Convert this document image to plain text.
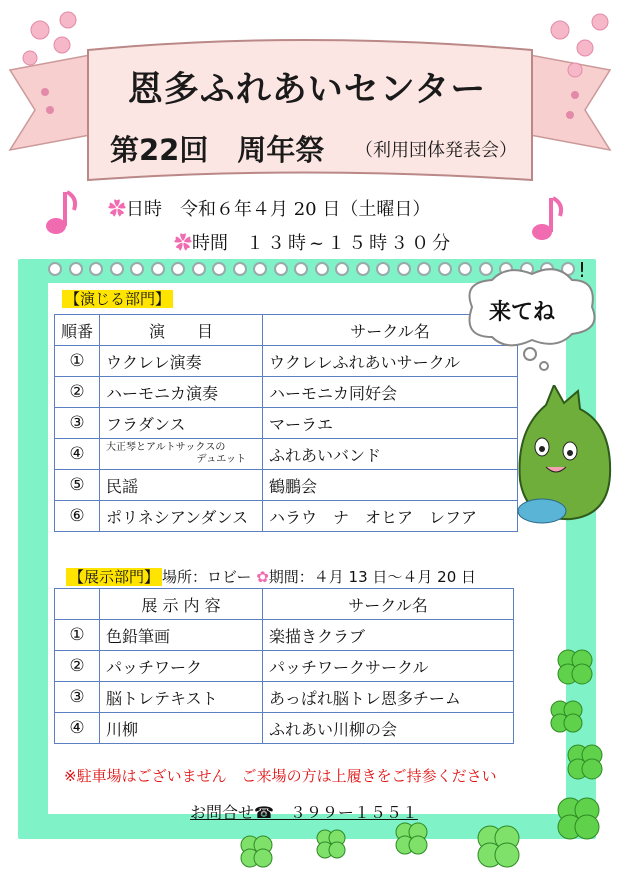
恩多ふれあいセンター
第22回　周年祭 （利用団体発表会）
✿日時　 令和６年４月 20 日（土曜日）
✿時間　 １３時~１５時３０分
【演じる部門】
順番	演　　目	サークル名
①	ウクレレ演奏	ウクレレふれあいサークル
②	ハーモニカ演奏	ハーモニカ同好会
③	フラダンス	マーラエ
④	大正琴とアルトサックスの
デュエット	ふれあいバンド
⑤	民謡	鶴鵬会
⑥	ポリネシアンダンス	ハラウ　ナ　オヒア　レフア
来てね
!
【展示部門】 場所：ロビー ✿期間：４月 13 日～４月 20 日
	展 示 内 容	サークル名
①	色鉛筆画	楽描きクラブ
②	パッチワーク	パッチワークサークル
③	脳トレテキスト	あっぱれ脳トレ恩多チーム
④	川柳	ふれあい川柳の会
※駐車場はございません　ご来場の方は上履きをご持参ください
お問合せ☎　３９９ー１５５１
